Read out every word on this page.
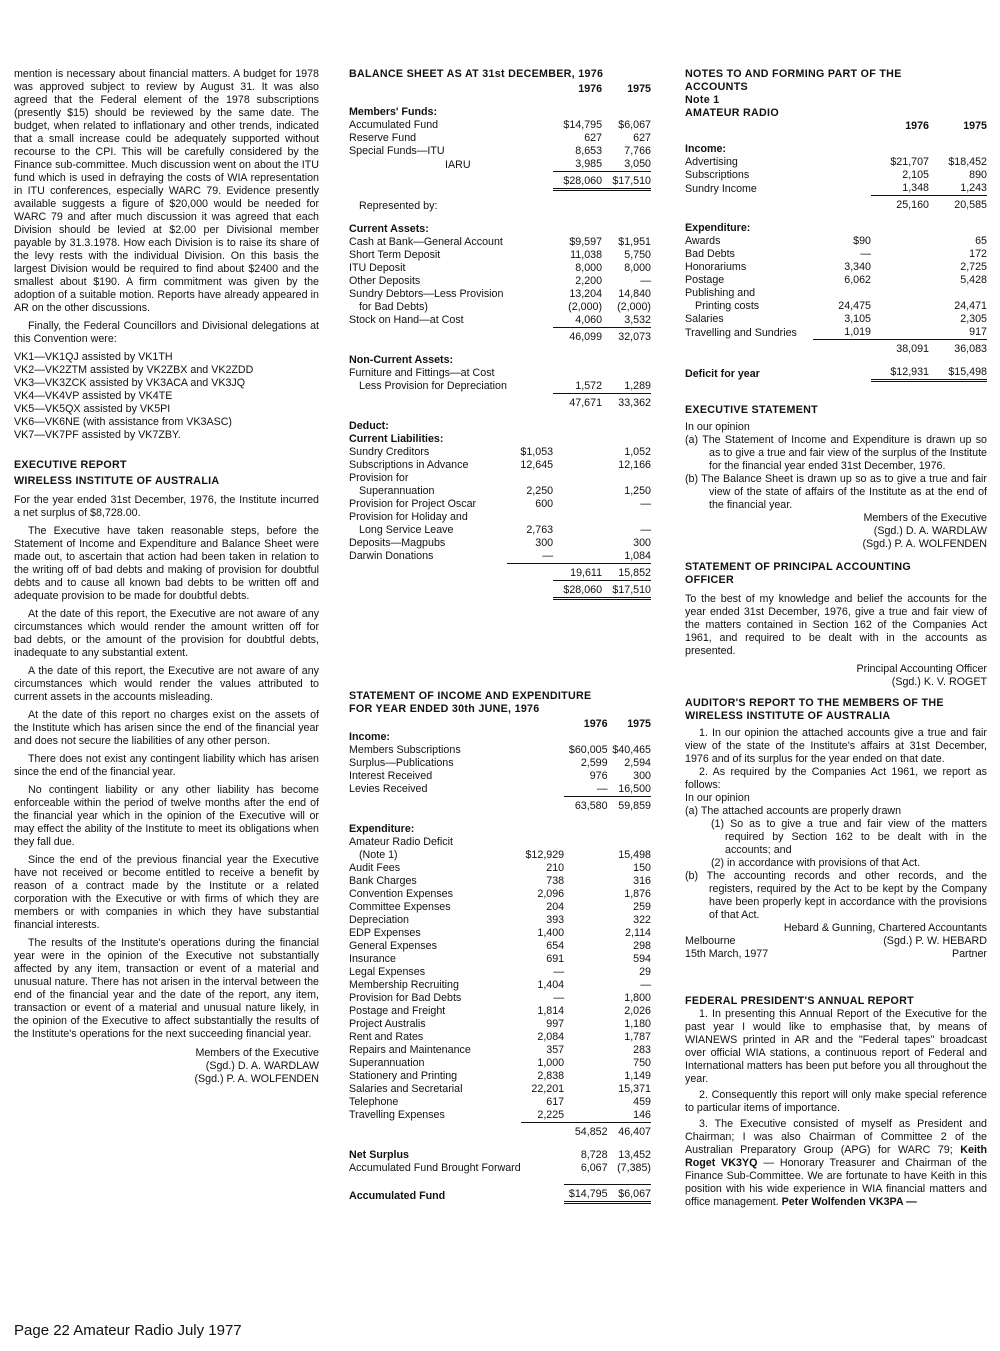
mention is necessary about financial matters. A budget for 1978 was approved subject to review by August 31. It was also agreed that the Federal element of the 1978 subscriptions (presently $15) should be reviewed by the same date. The budget, when related to inflationary and other trends, indicated that a small increase could be adequately supported without recourse to the CPI. This will be carefully considered by the Finance sub-committee. Much discussion went on about the ITU fund which is used in defraying the costs of WIA representation in ITU conferences, especially WARC 79. Evidence presently available suggests a figure of $20,000 would be needed for WARC 79 and after much discussion it was agreed that each Division should be levied at $2.00 per Divisional member payable by 31.3.1978. How each Division is to raise its share of the levy rests with the individual Division. On this basis the largest Division would be required to find about $2400 and the smallest about $190. A firm commitment was given by the adoption of a suitable motion. Reports have already appeared in AR on the other discussions.

Finally, the Federal Councillors and Divisional delegations at this Convention were:

VK1—VK1QJ assisted by VK1TH
VK2—VK2ZTM assisted by VK2ZBX and VK2ZDD
VK3—VK3ZCK assisted by VK3ACA and VK3JQ
VK4—VK4VP assisted by VK4TE
VK5—VK5QX assisted by VK5PI
VK6—VK6NE (with assistance from VK3ASC)
VK7—VK7PF assisted by VK7ZBY.
EXECUTIVE REPORT
WIRELESS INSTITUTE OF AUSTRALIA

For the year ended 31st December, 1976, the Institute incurred a net surplus of $8,728.00.

The Executive have taken reasonable steps, before the Statement of Income and Expenditure and Balance Sheet were made out, to ascertain that action had been taken in relation to the writing off of bad debts and making of provision for doubtful debts and to cause all known bad debts to be written off and adequate provision to be made for doubtful debts.

At the date of this report, the Executive are not aware of any circumstances which would render the amount written off for bad debts, or the amount of the provision for doubtful debts, inadequate to any substantial extent.

A the date of this report, the Executive are not aware of any circumstances which would render the values attributed to current assets in the accounts misleading.

At the date of this report no charges exist on the assets of the Institute which has arisen since the end of the financial year and does not secure the liabilities of any other person.

There does not exist any contingent liability which has arisen since the end of the financial year.

No contingent liability or any other liability has become enforceable within the period of twelve months after the end of the financial year which in the opinion of the Executive will or may effect the ability of the Institute to meet its obligations when they fall due.

Since the end of the previous financial year the Executive have not received or become entitled to receive a benefit by reason of a contract made by the Institute or a related corporation with the Executive or with firms of which they are members or with companies in which they have substantial financial interests.

The results of the Institute's operations during the financial year were in the opinion of the Executive not substantially affected by any item, transaction or event of a material and unusual nature. There has not arisen in the interval between the end of the financial year and the date of the report, any item, transaction or event of a material and unusual nature likely, in the opinion of the Executive to affect substantially the results of the Institute's operations for the next succeeding financial year.

Members of the Executive
(Sgd.) D. A. WARDLAW
(Sgd.) P. A. WOLFENDEN
BALANCE SHEET AS AT 31st DECEMBER, 1976
		1976	1975

Members' Funds:			
Accumulated Fund		$14,795	$6,067
Reserve Fund		627	627
Special Funds—ITU		8,653	7,766
IARU		3,985	3,050
		$28,060	$17,510

Represented by:			

Current Assets:			
Cash at Bank—General Account		$9,597	$1,951
Short Term Deposit		11,038	5,750
ITU Deposit		8,000	8,000
Other Deposits		2,200	—
Sundry Debtors—Less Provision		13,204	14,840
for Bad Debts)		(2,000)	(2,000)
Stock on Hand—at Cost		4,060	3,532
		46,099	32,073

Non-Current Assets:			
Furniture and Fittings—at Cost			
Less Provision for Depreciation		1,572	1,289
		47,671	33,362

Deduct:			
Current Liabilities:			
Sundry Creditors	$1,053		1,052
Subscriptions in Advance	12,645		12,166
Provision for			
Superannuation	2,250		1,250
Provision for Project Oscar	600		—
Provision for Holiday and			
Long Service Leave	2,763		—
Deposits—Magpubs	300		300
Darwin Donations	—		1,084
		19,611	15,852
		$28,060	$17,510
STATEMENT OF INCOME AND EXPENDITURE
FOR YEAR ENDED 30th JUNE, 1976
		1976	1975
Income:			
Members Subscriptions		$60,005	$40,465
Surplus—Publications		2,599	2,594
Interest Received		976	300
Levies Received		—	16,500
		63,580	59,859

Expenditure:			
Amateur Radio Deficit			
(Note 1)	$12,929		15,498
Audit Fees	210		150
Bank Charges	738		316
Convention Expenses	2,096		1,876
Committee Expenses	204		259
Depreciation	393		322
EDP Expenses	1,400		2,114
General Expenses	654		298
Insurance	691		594
Legal Expenses	—		29
Membership Recruiting	1,404		—
Provision for Bad Debts	—		1,800
Postage and Freight	1,814		2,026
Project Australis	997		1,180
Rent and Rates	2,084		1,787
Repairs and Maintenance	357		283
Superannuation	1,000		750
Stationery and Printing	2,838		1,149
Salaries and Secretarial	22,201		15,371
Telephone	617		459
Travelling Expenses	2,225		146
		54,852	46,407

Net Surplus		8,728	13,452
Accumulated Fund Brought Forward		6,067	(7,385)

Accumulated Fund		$14,795	$6,067
NOTES TO AND FORMING PART OF THE
ACCOUNTS
Note 1
AMATEUR RADIO
		1976	1975

Income:			
Advertising		$21,707	$18,452
Subscriptions		2,105	890
Sundry Income		1,348	1,243
		25,160	20,585

Expenditure:			
Awards	$90		65
Bad Debts	—		172
Honorariums	3,340		2,725
Postage	6,062		5,428
Publishing and			
Printing costs	24,475		24,471
Salaries	3,105		2,305
Travelling and Sundries	1,019		917
		38,091	36,083

Deficit for year		$12,931	$15,498
EXECUTIVE STATEMENT
In our opinion
(a) The Statement of Income and Expenditure is drawn up so as to give a true and fair view of the surplus of the Institute for the financial year ended 31st December, 1976.
(b) The Balance Sheet is drawn up so as to give a true and fair view of the state of affairs of the Institute as at the end of the financial year.
Members of the Executive
(Sgd.) D. A. WARDLAW
(Sgd.) P. A. WOLFENDEN
STATEMENT OF PRINCIPAL ACCOUNTING
OFFICER

To the best of my knowledge and belief the accounts for the year ended 31st December, 1976, give a true and fair view of the matters contained in Section 162 of the Companies Act 1961, and required to be dealt with in the accounts as presented.

Principal Accounting Officer
(Sgd.) K. V. ROGET
AUDITOR'S REPORT TO THE MEMBERS OF THE
WIRELESS INSTITUTE OF AUSTRALIA
1. In our opinion the attached accounts give a true and fair view of the state of the Institute's affairs at 31st December, 1976 and of its surplus for the year ended on that date.
2. As required by the Companies Act 1961, we report as follows:
In our opinion
(a) The attached accounts are properly drawn
(1) So as to give a true and fair view of the matters required by Section 162 to be dealt with in the accounts; and
(2) in accordance with provisions of that Act.
(b) The accounting records and other records, and the registers, required by the Act to be kept by the Company have been properly kept in accordance with the provisions of that Act.
Hebard & Gunning, Chartered Accountants
Melbourne	(Sgd.) P. W. HEBARD
15th March, 1977	Partner
FEDERAL PRESIDENT'S ANNUAL REPORT

1. In presenting this Annual Report of the Executive for the past year I would like to emphasise that, by means of WIANEWS printed in AR and the "Federal tapes" broadcast over official WIA stations, a continuous report of Federal and International matters has been put before you all throughout the year.

2. Consequently this report will only make special reference to particular items of importance.

3. The Executive consisted of myself as President and Chairman; I was also Chairman of Committee 2 of the Australian Preparatory Group (APG) for WARC 79; Keith Roget VK3YQ — Honorary Treasurer and Chairman of the Finance Sub-Committee. We are fortunate to have Keith in this position with his wide experience in WIA financial matters and office management. Peter Wolfenden VK3PA —

Page 22 Amateur Radio July 1977
